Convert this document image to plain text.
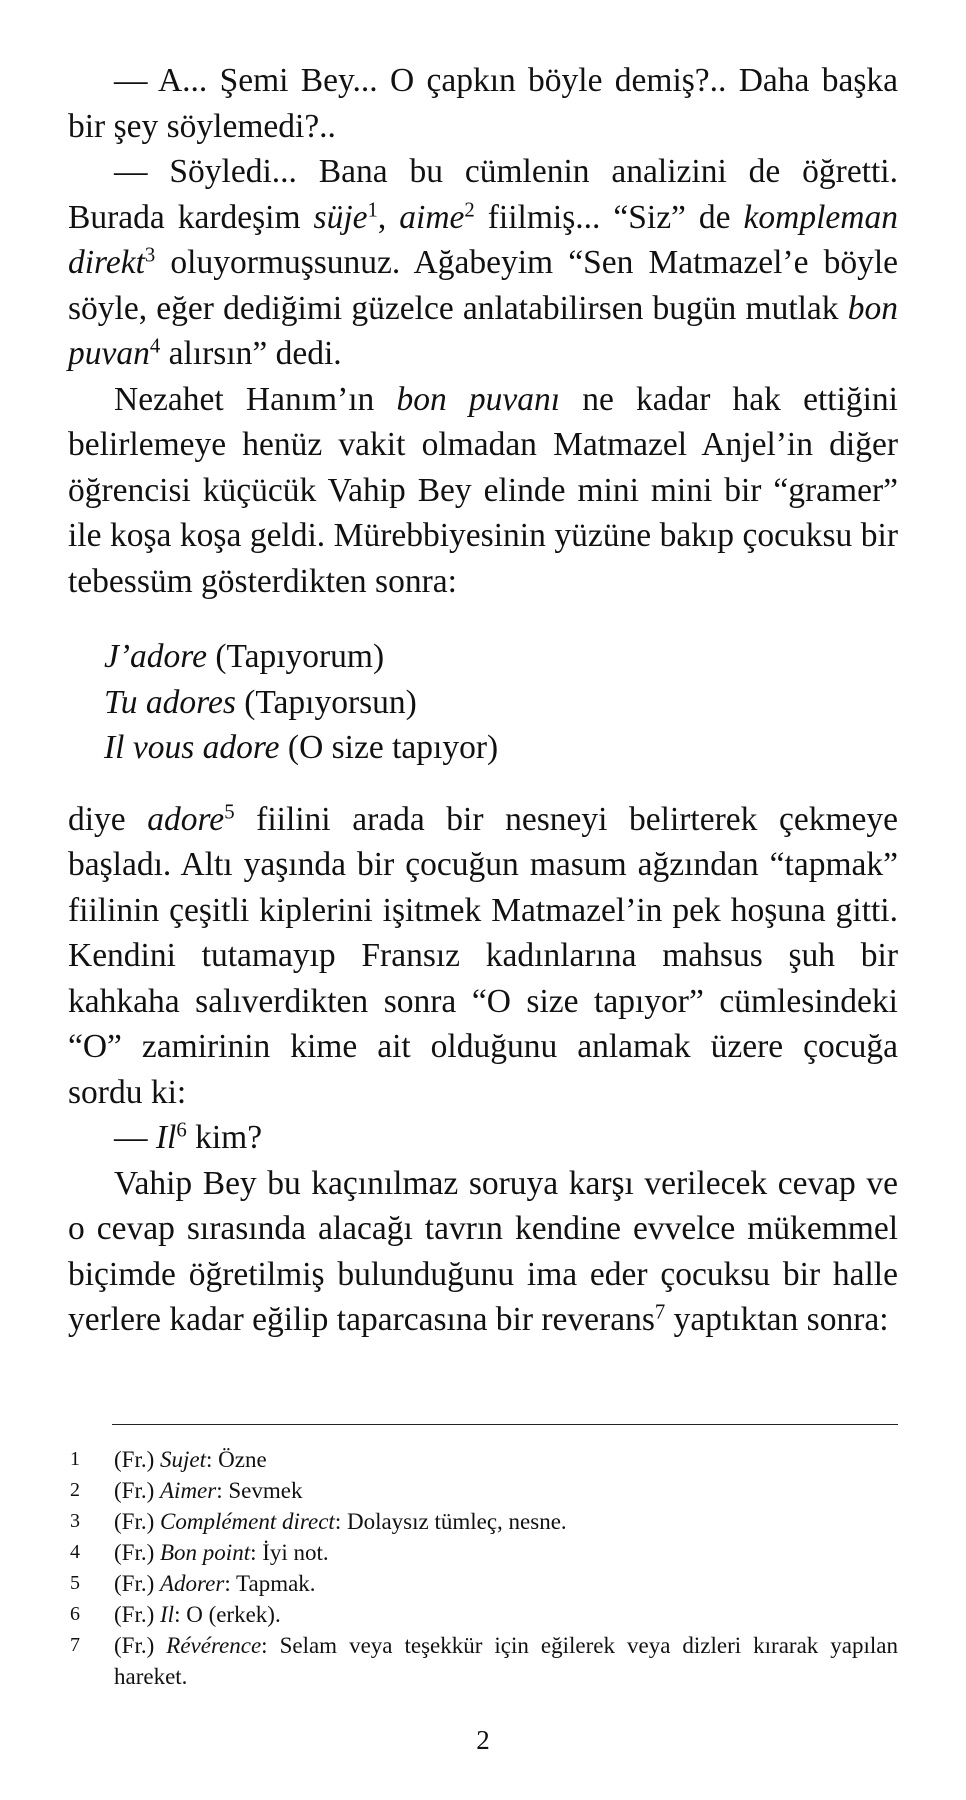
— A... Şemi Bey... O çapkın böyle demiş?.. Daha başka bir şey söylemedi?..

— Söyledi... Bana bu cümlenin analizini de öğretti. Burada kardeşim süje$^1$, aime$^2$ fiilmiş... “Siz” de kompleman direkt$^3$ oluyormuşsunuz. Ağabeyim “Sen Matmazel’e böyle söyle, eğer dediğimi güzelce anlatabilirsen bugün mutlak bon puvan$^4$ alırsın” dedi.

Nezahet Hanım’ın bon puvanı ne kadar hak ettiğini belirlemeye henüz vakit olmadan Matmazel Anjel’in diğer öğrencisi küçücük Vahip Bey elinde mini mini bir “gramer” ile koşa koşa geldi. Mürebbiyesinin yüzüne bakıp çocuksu bir tebessüm gösterdikten sonra:

J’adore (Tapıyorum)
Tu adores (Tapıyorsun)
Il vous adore (O size tapıyor)

diye adore$^5$ fiilini arada bir nesneyi belirterek çekmeye başladı. Altı yaşında bir çocuğun masum ağzından “tapmak” fiilinin çeşitli kiplerini işitmek Matmazel’in pek hoşuna gitti. Kendini tutamayıp Fransız kadınlarına mahsus şuh bir kahkaha salıverdikten sonra “O size tapıyor” cümlesindeki “O” zamirinin kime ait olduğunu anlamak üzere çocuğa sordu ki:

— Il$^6$ kim?

Vahip Bey bu kaçınılmaz soruya karşı verilecek cevap ve o cevap sırasında alacağı tavrın kendine evvelce mükemmel biçimde öğretilmiş bulunduğunu ima eder çocuksu bir halle yerlere kadar eğilip taparcasına bir reverans$^7$ yaptıktan sonra:

1	(Fr.) Sujet: Özne
2	(Fr.) Aimer: Sevmek
3	(Fr.) Complément direct: Dolaysız tümleç, nesne.
4	(Fr.) Bon point: İyi not.
5	(Fr.) Adorer: Tapmak.
6	(Fr.) Il: O (erkek).
7	(Fr.) Révérence: Selam veya teşekkür için eğilerek veya dizleri kırarak yapılan hareket.
2
